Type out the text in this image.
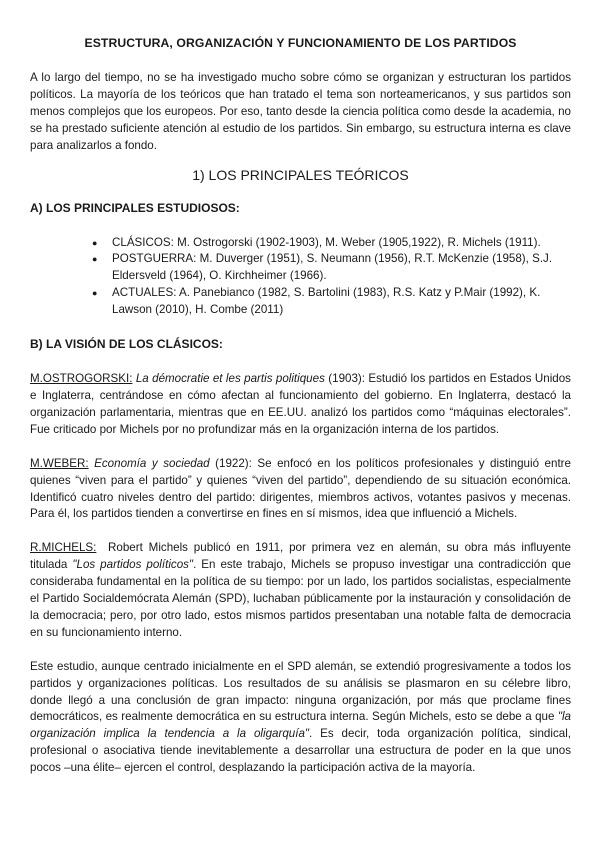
ESTRUCTURA, ORGANIZACIÓN Y FUNCIONAMIENTO DE LOS PARTIDOS

A lo largo del tiempo, no se ha investigado mucho sobre cómo se organizan y estructuran los partidos políticos. La mayoría de los teóricos que han tratado el tema son norteamericanos, y sus partidos son menos complejos que los europeos. Por eso, tanto desde la ciencia política como desde la academia, no se ha prestado suficiente atención al estudio de los partidos. Sin embargo, su estructura interna es clave para analizarlos a fondo.

1) LOS PRINCIPALES TEÓRICOS
A) LOS PRINCIPALES ESTUDIOSOS:
● CLÁSICOS: M. Ostrogorski (1902-1903), M. Weber (1905,1922), R. Michels (1911).
● POSTGUERRA: M. Duverger (1951), S. Neumann (1956), R.T. McKenzie (1958), S.J. Eldersveld (1964), O. Kirchheimer (1966).
● ACTUALES: A. Panebianco (1982, S. Bartolini (1983), R.S. Katz y P.Mair (1992), K. Lawson (2010), H. Combe (2011)
B) LA VISIÓN DE LOS CLÁSICOS:

M.OSTROGORSKI: La démocratie et les partis politiques (1903): Estudió los partidos en Estados Unidos e Inglaterra, centrándose en cómo afectan al funcionamiento del gobierno. En Inglaterra, destacó la organización parlamentaria, mientras que en EE.UU. analizó los partidos como “máquinas electorales”. Fue criticado por Michels por no profundizar más en la organización interna de los partidos.

M.WEBER: Economía y sociedad (1922): Se enfocó en los políticos profesionales y distinguió entre quienes “viven para el partido” y quienes “viven del partido”, dependiendo de su situación económica. Identificó cuatro niveles dentro del partido: dirigentes, miembros activos, votantes pasivos y mecenas. Para él, los partidos tienden a convertirse en fines en sí mismos, idea que influenció a Michels.

R.MICHELS:  Robert Michels publicó en 1911, por primera vez en alemán, su obra más influyente titulada "Los partidos políticos". En este trabajo, Michels se propuso investigar una contradicción que consideraba fundamental en la política de su tiempo: por un lado, los partidos socialistas, especialmente el Partido Socialdemócrata Alemán (SPD), luchaban públicamente por la instauración y consolidación de la democracia; pero, por otro lado, estos mismos partidos presentaban una notable falta de democracia en su funcionamiento interno.

Este estudio, aunque centrado inicialmente en el SPD alemán, se extendió progresivamente a todos los partidos y organizaciones políticas. Los resultados de su análisis se plasmaron en su célebre libro, donde llegó a una conclusión de gran impacto: ninguna organización, por más que proclame fines democráticos, es realmente democrática en su estructura interna. Según Michels, esto se debe a que "la organización implica la tendencia a la oligarquía". Es decir, toda organización política, sindical, profesional o asociativa tiende inevitablemente a desarrollar una estructura de poder en la que unos pocos –una élite– ejercen el control, desplazando la participación activa de la mayoría.
